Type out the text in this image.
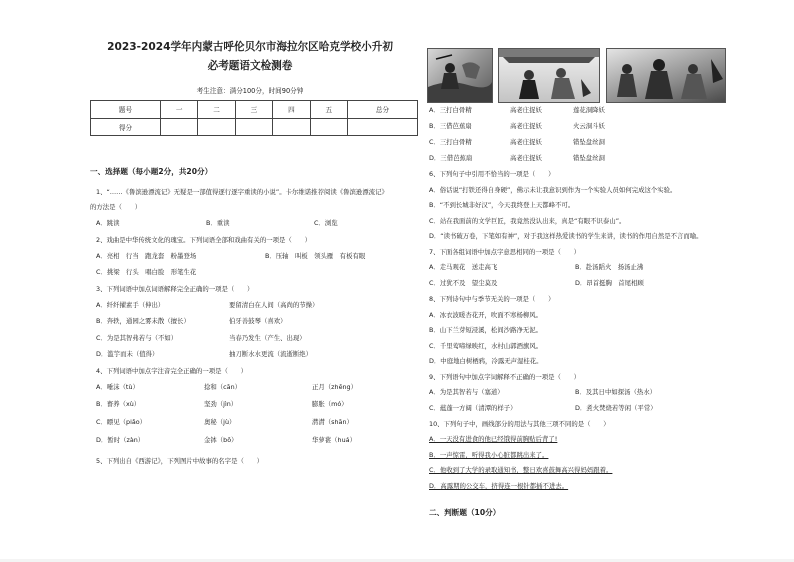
2023-2024学年内蒙古呼伦贝尔市海拉尔区哈克学校小升初
必考题语文检测卷
考生注意：满分100分，时间90分钟
题号	一	二	三	四	五	总分
得分						
一、选择题（每小题2分，共20分）
1、“……《鲁滨逊漂流记》无疑是一部值得逐行逐字重读的小说”。卡尔维诺推荐阅读《鲁滨逊漂流记》
的方法是（　　）
A．跳读	B．重读	C．浏览
2、戏曲是中华传统文化的瑰宝。下列词语全部和戏曲有关的一项是（　　）
A．亮相　行当　跑龙套　粉墨登场	B．压轴　叫板　领头雁　有板有眼
C．挑梁　行头　唱白脸　形笔生花
3、下列词语中加点词语解释完全正确的一项是（　　）
A．纤纤擢素手（伸出）	要留清白在人间（高尚的节操）
B．奔轶，通园之雾未散（擅长）	伯牙善鼓琴（喜欢）
C．为是其智弗若与（不如）	当春乃发生（产生、出现）
D．滥竽而未（值得）	抽刀断水水更流（流逝断绝）
4、下列词语中加点字注音完全正确的一项是（　　）
A．唾沫（tù）	捻和（cān）	正月（zhēng）
B．畜养（xù）	坚劲（jìn）	膨胀（mó）
C．瞟见（piǎo）	奥秘（jù）	潸潸（shān）
D．暂时（zàn）	金钵（bō）	华萝葚（huá）
5、下列出自《西游记》，下列图片中故事的名字是（　　）
A．三打白骨精	高老庄捉妖	莲花洞降妖
B．三借芭蕉扇	高老庄捉妖	火云洞斗妖
C．三打白骨精	高老庄捉妖	错坠盘丝洞
D．三借芭蕉扇	高老庄捉妖	错坠盘丝洞
6、下列句子中引用不恰当的一项是（　　）
A．俗话说“打铁还得自身硬”，佛示未让我意识到作为一个实验人员如何完成这个实验。
B．“不到长城非好汉”，今天我终登上天都峰不可。
C．站在我面前的文学巨匠，我竟然没认出来，真是“有眼不识泰山”。
D．“读书破万卷，下笔如有神”，对于我这样热爱读书的学生来讲，读书的作用自然是不言而喻。
7、下面各组词语中加点字意思相同的一项是（　　）
A．走马观花　送走高飞	B．赴汤蹈火　扬汤止沸
C．过犹不及　望尘莫及	D．昂首挺胸　首尾相顾
8、下列诗句中与季节无关的一项是（　　）
A．冰衣波暖杏花开，吹面不寒杨柳风。
B．山下兰芽短浸溪，松间沙路净无泥。
C．千里莺啼绿映红，水村山郭酒旗风。
D．中庭地白树栖鸦，冷露无声湿桂花。
9、下列语句中加点字词解释不正确的一项是（　　）
A．为是其智若与（塞道）	B．及其日中如探汤（热水）
C．蕴蓬一方阔（清潭的样子）	D．煮火焚烧若等闲（平常）
10、下列句子中，画线部分的用法与其他三项不同的是（　　）
A．一天没有进食的他已经饿得前胸贴后背了!
B．一声惊雷，听得我小心脏都跳出来了。
C．他收到了大学的录取通知书，整日欢喜鼓舞高兴得妈妈跟着。
D．高露期的公交车，挤得连一根针都插不进去。
二、判断题（10分）
